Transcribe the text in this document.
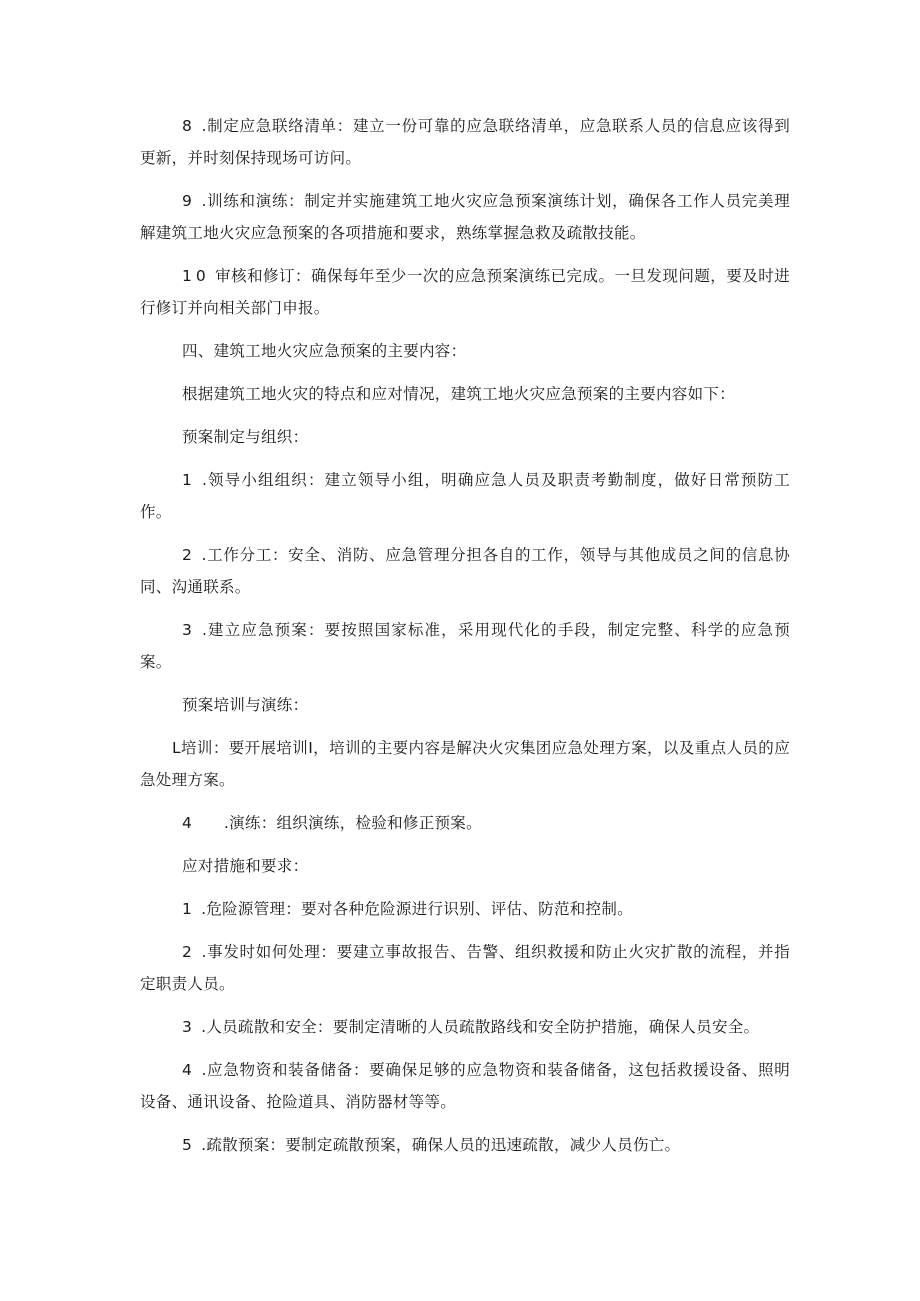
8 .制定应急联络清单：建立一份可靠的应急联络清单，应急联系人员的信息应该得到更新，并时刻保持现场可访问。

9 .训练和演练：制定并实施建筑工地火灾应急预案演练计划，确保各工作人员完美理解建筑工地火灾应急预案的各项措施和要求，熟练掌握急救及疏散技能。

10 审核和修订：确保每年至少一次的应急预案演练已完成。一旦发现问题，要及时进行修订并向相关部门申报。

四、建筑工地火灾应急预案的主要内容：

根据建筑工地火灾的特点和应对情况，建筑工地火灾应急预案的主要内容如下：

预案制定与组织：

1 .领导小组组织：建立领导小组，明确应急人员及职责考勤制度，做好日常预防工作。

2 .工作分工：安全、消防、应急管理分担各自的工作，领导与其他成员之间的信息协同、沟通联系。

3 .建立应急预案：要按照国家标准，采用现代化的手段，制定完整、科学的应急预案。

预案培训与演练：

L培训：要开展培训I，培训的主要内容是解决火灾集团应急处理方案，以及重点人员的应急处理方案。

4 .演练：组织演练，检验和修正预案。

应对措施和要求：

1 .危险源管理：要对各种危险源进行识别、评估、防范和控制。

2 .事发时如何处理：要建立事故报告、告警、组织救援和防止火灾扩散的流程，并指定职责人员。

3 .人员疏散和安全：要制定清晰的人员疏散路线和安全防护措施，确保人员安全。

4 .应急物资和装备储备：要确保足够的应急物资和装备储备，这包括救援设备、照明设备、通讯设备、抢险道具、消防器材等等。

5 .疏散预案：要制定疏散预案，确保人员的迅速疏散，减少人员伤亡。
